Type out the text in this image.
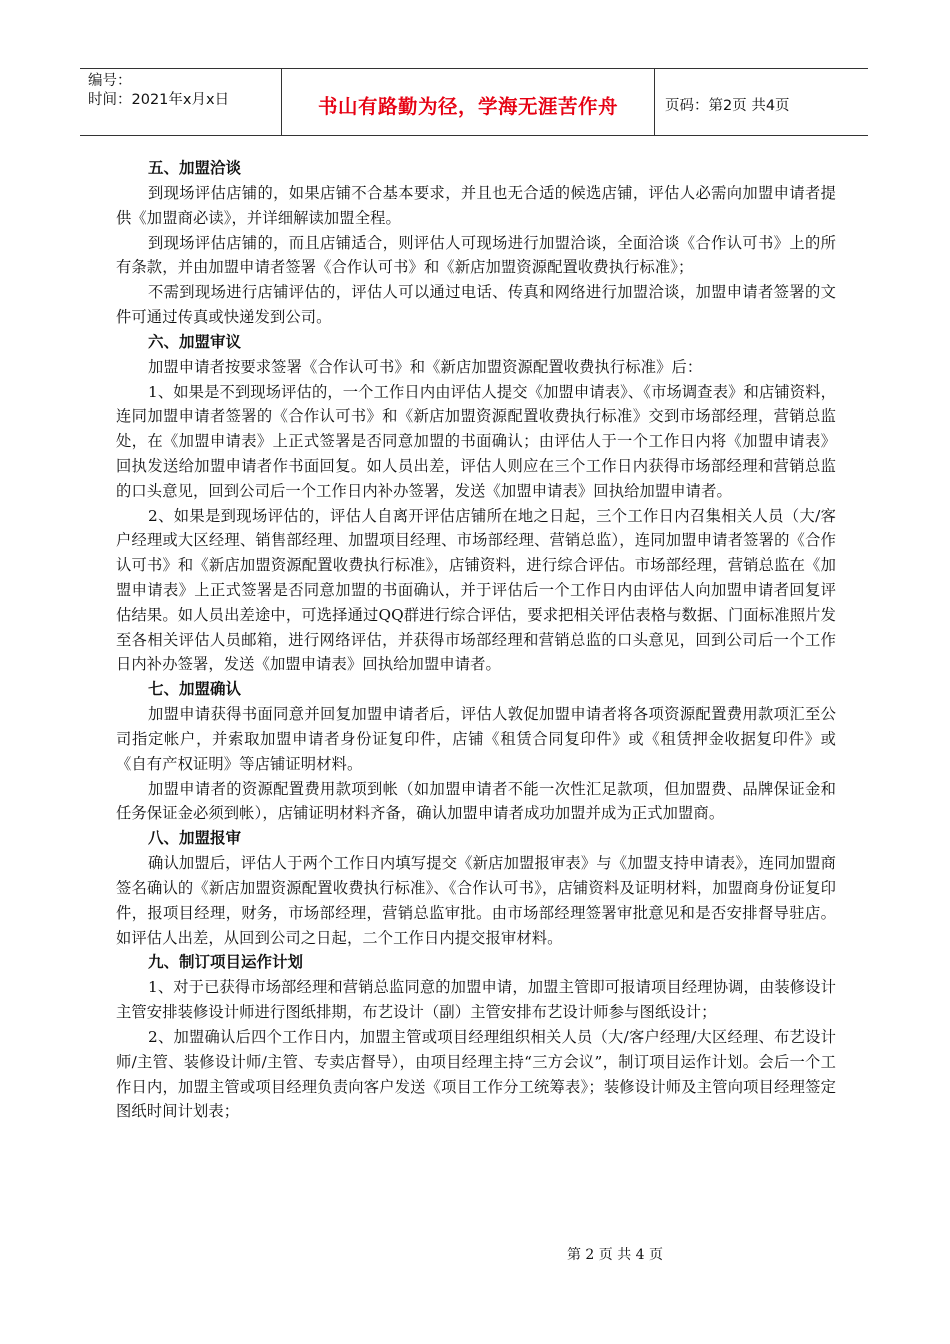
编号：
时间：2021年x月x日	书山有路勤为径，学海无涯苦作舟	页码：第2页 共4页

五、加盟洽谈

到现场评估店铺的，如果店铺不合基本要求，并且也无合适的候选店铺，评估人必需向加盟申请者提供《加盟商必读》，并详细解读加盟全程。

到现场评估店铺的，而且店铺适合，则评估人可现场进行加盟洽谈，全面洽谈《合作认可书》上的所有条款，并由加盟申请者签署《合作认可书》和《新店加盟资源配置收费执行标准》；

不需到现场进行店铺评估的，评估人可以通过电话、传真和网络进行加盟洽谈，加盟申请者签署的文件可通过传真或快递发到公司。

六、加盟审议

加盟申请者按要求签署《合作认可书》和《新店加盟资源配置收费执行标准》后：

1、如果是不到现场评估的，一个工作日内由评估人提交《加盟申请表》、《市场调查表》和店铺资料，连同加盟申请者签署的《合作认可书》和《新店加盟资源配置收费执行标准》交到市场部经理，营销总监处，在《加盟申请表》上正式签署是否同意加盟的书面确认；由评估人于一个工作日内将《加盟申请表》回执发送给加盟申请者作书面回复。如人员出差，评估人则应在三个工作日内获得市场部经理和营销总监的口头意见，回到公司后一个工作日内补办签署，发送《加盟申请表》回执给加盟申请者。

2、如果是到现场评估的，评估人自离开评估店铺所在地之日起，三个工作日内召集相关人员（大/客户经理或大区经理、销售部经理、加盟项目经理、市场部经理、营销总监），连同加盟申请者签署的《合作认可书》和《新店加盟资源配置收费执行标准》，店铺资料，进行综合评估。市场部经理，营销总监在《加盟申请表》上正式签署是否同意加盟的书面确认，并于评估后一个工作日内由评估人向加盟申请者回复评估结果。如人员出差途中，可选择通过QQ群进行综合评估，要求把相关评估表格与数据、门面标准照片发至各相关评估人员邮箱，进行网络评估，并获得市场部经理和营销总监的口头意见，回到公司后一个工作日内补办签署，发送《加盟申请表》回执给加盟申请者。

七、加盟确认

加盟申请获得书面同意并回复加盟申请者后，评估人敦促加盟申请者将各项资源配置费用款项汇至公司指定帐户，并索取加盟申请者身份证复印件，店铺《租赁合同复印件》或《租赁押金收据复印件》或《自有产权证明》等店铺证明材料。

加盟申请者的资源配置费用款项到帐（如加盟申请者不能一次性汇足款项，但加盟费、品牌保证金和任务保证金必须到帐），店铺证明材料齐备，确认加盟申请者成功加盟并成为正式加盟商。

八、加盟报审

确认加盟后，评估人于两个工作日内填写提交《新店加盟报审表》与《加盟支持申请表》，连同加盟商签名确认的《新店加盟资源配置收费执行标准》、《合作认可书》，店铺资料及证明材料，加盟商身份证复印件，报项目经理，财务，市场部经理，营销总监审批。由市场部经理签署审批意见和是否安排督导驻店。如评估人出差，从回到公司之日起，二个工作日内提交报审材料。

九、制订项目运作计划

1、对于已获得市场部经理和营销总监同意的加盟申请，加盟主管即可报请项目经理协调，由装修设计主管安排装修设计师进行图纸排期，布艺设计（副）主管安排布艺设计师参与图纸设计；

2、加盟确认后四个工作日内，加盟主管或项目经理组织相关人员（大/客户经理/大区经理、布艺设计师/主管、装修设计师/主管、专卖店督导），由项目经理主持“三方会议”，制订项目运作计划。会后一个工作日内，加盟主管或项目经理负责向客户发送《项目工作分工统筹表》；装修设计师及主管向项目经理签定图纸时间计划表；

第 2 页 共 4 页
